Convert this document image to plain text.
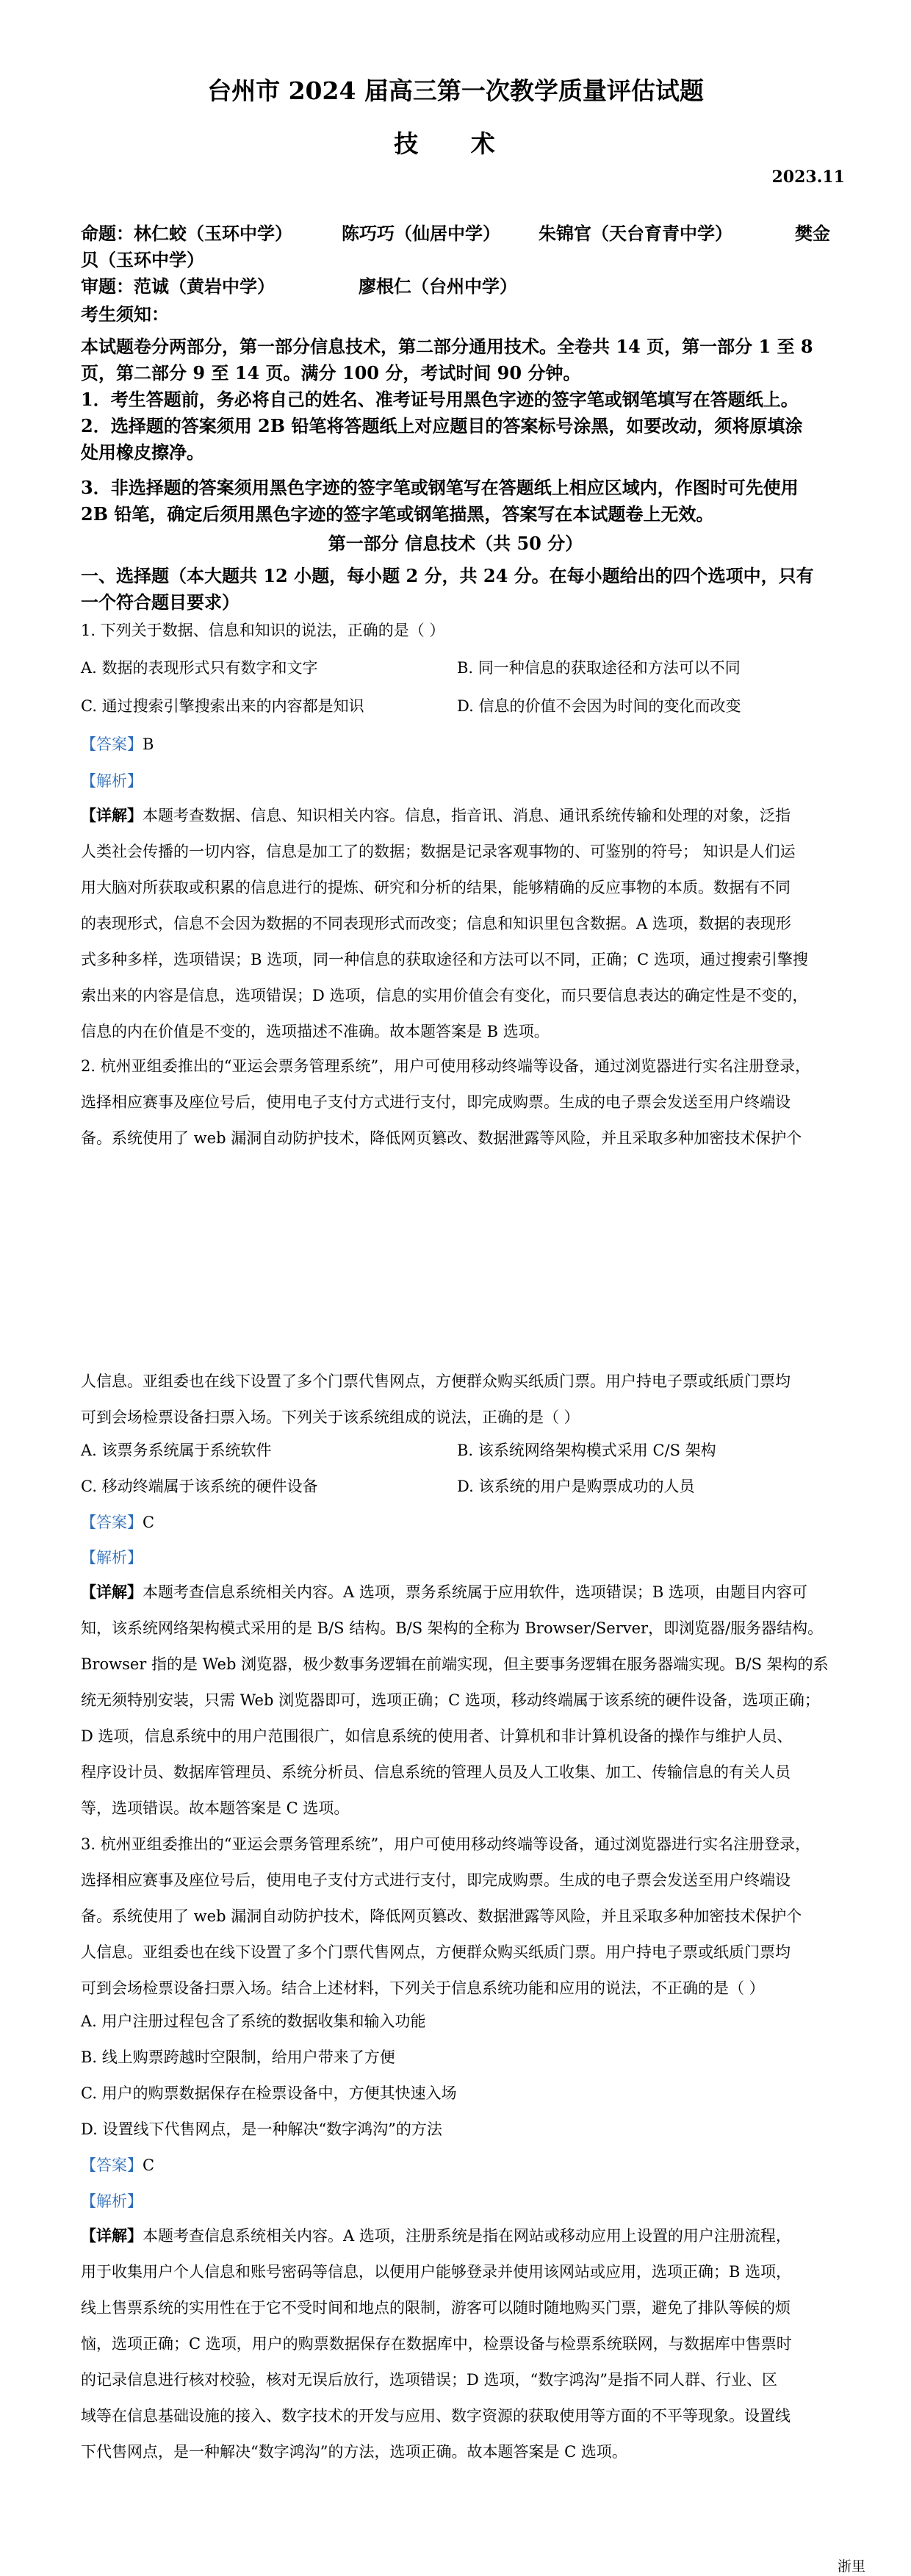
台州市 2024 届高三第一次教学质量评估试题
技 术
2023.11
命题：林仁蛟（玉环中学）	陈巧巧（仙居中学） 朱锦官（天台育青中学）	樊金
贝（玉环中学）
审题：范诚（黄岩中学）	廖根仁（台州中学）
考生须知：
本试题卷分两部分，第一部分信息技术，第二部分通用技术。全卷共 14 页，第一部分 1 至 8
页，第二部分 9 至 14 页。满分 100 分，考试时间 90 分钟。
1．考生答题前，务必将自己的姓名、准考证号用黑色字迹的签字笔或钢笔填写在答题纸上。
2．选择题的答案须用 2B 铅笔将答题纸上对应题目的答案标号涂黑，如要改动，须将原填涂
处用橡皮擦净。
3．非选择题的答案须用黑色字迹的签字笔或钢笔写在答题纸上相应区域内，作图时可先使用
2B 铅笔，确定后须用黑色字迹的签字笔或钢笔描黑，答案写在本试题卷上无效。
第一部分 信息技术（共 50 分）
一、选择题（本大题共 12 小题，每小题 2 分，共 24 分。在每小题给出的四个选项中，只有
一个符合题目要求）
1. 下列关于数据、信息和知识的说法，正确的是（ ）
A. 数据的表现形式只有数字和文字	B. 同一种信息的获取途径和方法可以不同
C. 通过搜索引擎搜索出来的内容都是知识	D. 信息的价值不会因为时间的变化而改变
【答案】B
【解析】
【详解】本题考查数据、信息、知识相关内容。信息，指音讯、消息、通讯系统传输和处理的对象，泛指
人类社会传播的一切内容，信息是加工了的数据；数据是记录客观事物的、可鉴别的符号； 知识是人们运
用大脑对所获取或积累的信息进行的提炼、研究和分析的结果，能够精确的反应事物的本质。数据有不同
的表现形式，信息不会因为数据的不同表现形式而改变；信息和知识里包含数据。A 选项，数据的表现形
式多种多样，选项错误；B 选项，同一种信息的获取途径和方法可以不同，正确；C 选项，通过搜索引擎搜
索出来的内容是信息，选项错误；D 选项，信息的实用价值会有变化，而只要信息表达的确定性是不变的，
信息的内在价值是不变的，选项描述不准确。故本题答案是 B 选项。
2. 杭州亚组委推出的“亚运会票务管理系统”，用户可使用移动终端等设备，通过浏览器进行实名注册登录，
选择相应赛事及座位号后，使用电子支付方式进行支付，即完成购票。生成的电子票会发送至用户终端设
备。系统使用了 web 漏洞自动防护技术，降低网页篡改、数据泄露等风险，并且采取多种加密技术保护个
人信息。亚组委也在线下设置了多个门票代售网点，方便群众购买纸质门票。用户持电子票或纸质门票均
可到会场检票设备扫票入场。下列关于该系统组成的说法，正确的是（ ）
A. 该票务系统属于系统软件	B. 该系统网络架构模式采用 C/S 架构
C. 移动终端属于该系统的硬件设备	D. 该系统的用户是购票成功的人员
【答案】C
【解析】
【详解】本题考查信息系统相关内容。A 选项，票务系统属于应用软件，选项错误；B 选项，由题目内容可
知，该系统网络架构模式采用的是 B/S 结构。B/S 架构的全称为 Browser/Server，即浏览器/服务器结构。
Browser 指的是 Web 浏览器，极少数事务逻辑在前端实现，但主要事务逻辑在服务器端实现。B/S 架构的系
统无须特别安装，只需 Web 浏览器即可，选项正确；C 选项，移动终端属于该系统的硬件设备，选项正确；
D 选项，信息系统中的用户范围很广，如信息系统的使用者、计算机和非计算机设备的操作与维护人员、
程序设计员、数据库管理员、系统分析员、信息系统的管理人员及人工收集、加工、传输信息的有关人员
等，选项错误。故本题答案是 C 选项。
3. 杭州亚组委推出的“亚运会票务管理系统”，用户可使用移动终端等设备，通过浏览器进行实名注册登录，
选择相应赛事及座位号后，使用电子支付方式进行支付，即完成购票。生成的电子票会发送至用户终端设
备。系统使用了 web 漏洞自动防护技术，降低网页篡改、数据泄露等风险，并且采取多种加密技术保护个
人信息。亚组委也在线下设置了多个门票代售网点，方便群众购买纸质门票。用户持电子票或纸质门票均
可到会场检票设备扫票入场。结合上述材料，下列关于信息系统功能和应用的说法，不正确的是（ ）
A. 用户注册过程包含了系统的数据收集和输入功能
B. 线上购票跨越时空限制，给用户带来了方便
C. 用户的购票数据保存在检票设备中，方便其快速入场
D. 设置线下代售网点，是一种解决“数字鸿沟”的方法
【答案】C
【解析】
【详解】本题考查信息系统相关内容。A 选项，注册系统是指在网站或移动应用上设置的用户注册流程，
用于收集用户个人信息和账号密码等信息，以便用户能够登录并使用该网站或应用，选项正确；B 选项，
线上售票系统的实用性在于它不受时间和地点的限制，游客可以随时随地购买门票，避免了排队等候的烦
恼，选项正确；C 选项，用户的购票数据保存在数据库中，检票设备与检票系统联网，与数据库中售票时
的记录信息进行核对校验，核对无误后放行，选项错误；D 选项，“数字鸿沟”是指不同人群、行业、区
域等在信息基础设施的接入、数字技术的开发与应用、数字资源的获取使用等方面的不平等现象。设置线
下代售网点，是一种解决“数字鸿沟”的方法，选项正确。故本题答案是 C 选项。
浙里
